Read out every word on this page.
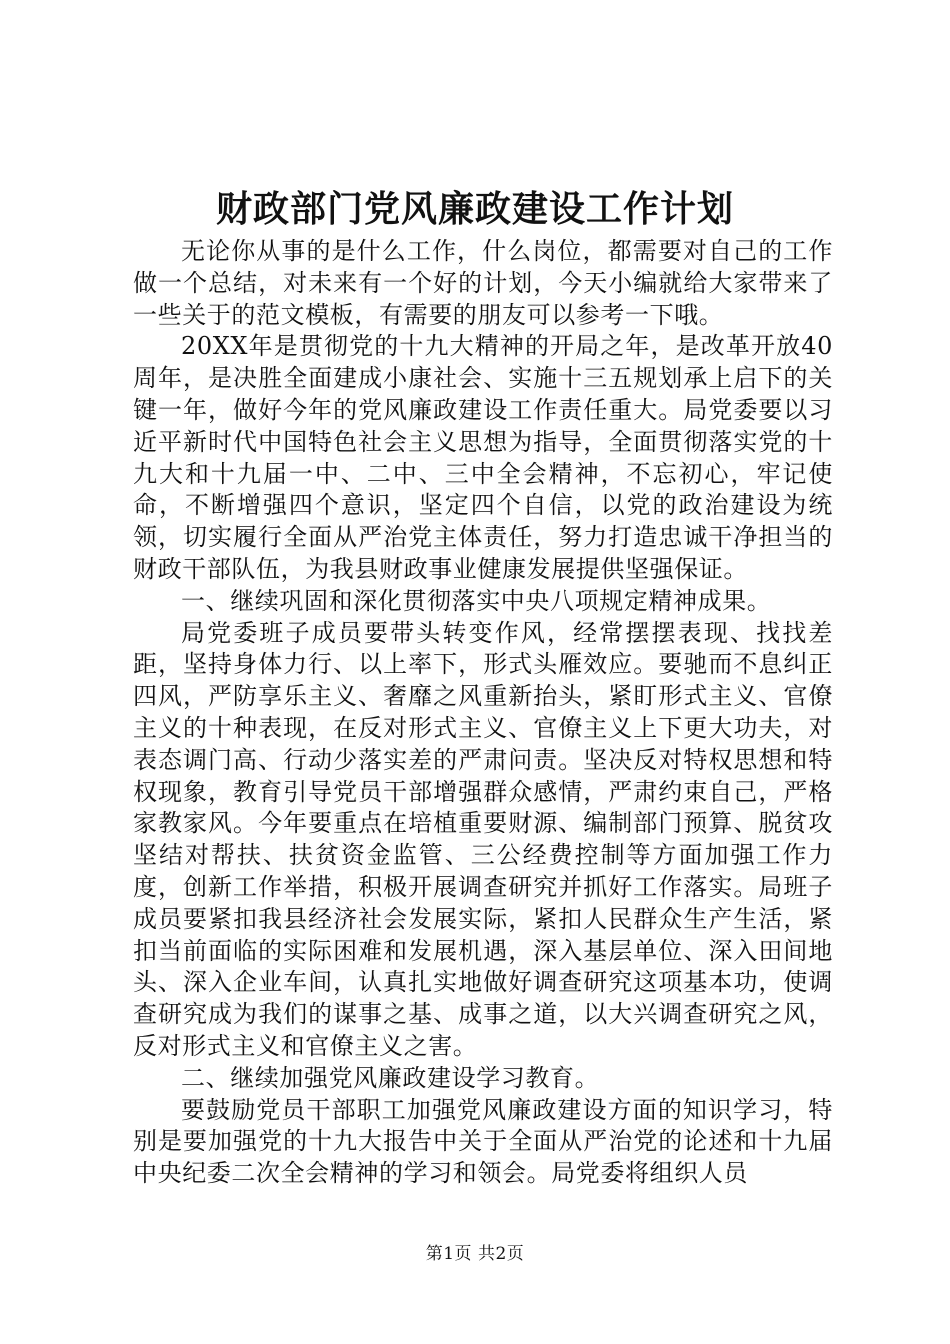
财政部门党风廉政建设工作计划

无论你从事的是什么工作，什么岗位，都需要对自己的工作做一个总结，对未来有一个好的计划，今天小编就给大家带来了一些关于的范文模板，有需要的朋友可以参考一下哦。

20XX年是贯彻党的十九大精神的开局之年，是改革开放40周年，是决胜全面建成小康社会、实施十三五规划承上启下的关键一年，做好今年的党风廉政建设工作责任重大。局党委要以习近平新时代中国特色社会主义思想为指导，全面贯彻落实党的十九大和十九届一中、二中、三中全会精神，不忘初心，牢记使命，不断增强四个意识，坚定四个自信，以党的政治建设为统领，切实履行全面从严治党主体责任，努力打造忠诚干净担当的财政干部队伍，为我县财政事业健康发展提供坚强保证。

一、继续巩固和深化贯彻落实中央八项规定精神成果。

局党委班子成员要带头转变作风，经常摆摆表现、找找差距，坚持身体力行、以上率下，形式头雁效应。要驰而不息纠正四风，严防享乐主义、奢靡之风重新抬头，紧盯形式主义、官僚主义的十种表现，在反对形式主义、官僚主义上下更大功夫，对表态调门高、行动少落实差的严肃问责。坚决反对特权思想和特权现象，教育引导党员干部增强群众感情，严肃约束自己，严格家教家风。今年要重点在培植重要财源、编制部门预算、脱贫攻坚结对帮扶、扶贫资金监管、三公经费控制等方面加强工作力度，创新工作举措，积极开展调查研究并抓好工作落实。局班子成员要紧扣我县经济社会发展实际，紧扣人民群众生产生活，紧扣当前面临的实际困难和发展机遇，深入基层单位、深入田间地头、深入企业车间，认真扎实地做好调查研究这项基本功，使调查研究成为我们的谋事之基、成事之道，以大兴调查研究之风，反对形式主义和官僚主义之害。

二、继续加强党风廉政建设学习教育。

要鼓励党员干部职工加强党风廉政建设方面的知识学习，特别是要加强党的十九大报告中关于全面从严治党的论述和十九届中央纪委二次全会精神的学习和领会。局党委将组织人员

第1页 共2页
